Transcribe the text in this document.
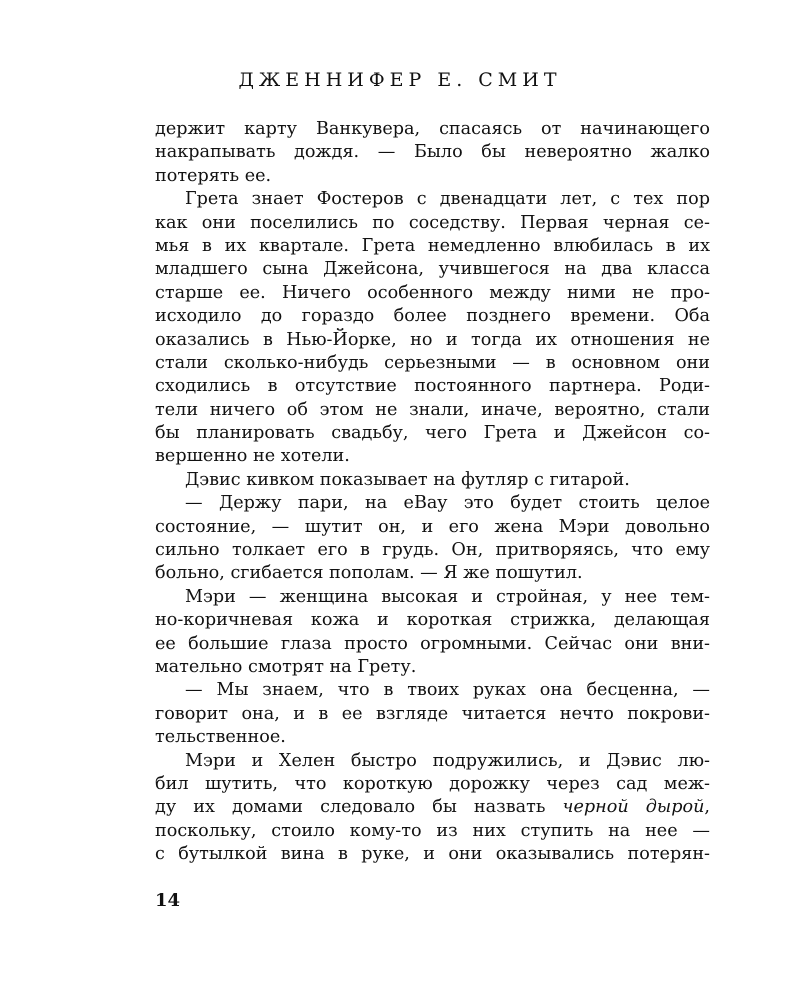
ДЖЕННИФЕР Е. СМИТ
держит карту Ванкувера, спасаясь от начинающего
накрапывать дождя. — Было бы невероятно жалко
потерять ее.
Грета знает Фостеров с двенадцати лет, с тех пор
как они поселились по соседству. Первая черная се-
мья в их квартале. Грета немедленно влюбилась в их
младшего сына Джейсона, учившегося на два класса
старше ее. Ничего особенного между ними не про-
исходило до гораздо более позднего времени. Оба
оказались в Нью-Йорке, но и тогда их отношения не
стали сколько-нибудь серьезными — в основном они
сходились в отсутствие постоянного партнера. Роди-
тели ничего об этом не знали, иначе, вероятно, стали
бы планировать свадьбу, чего Грета и Джейсон со-
вершенно не хотели.
Дэвис кивком показывает на футляр с гитарой.
— Держу пари, на eBay это будет стоить целое
состояние, — шутит он, и его жена Мэри довольно
сильно толкает его в грудь. Он, притворяясь, что ему
больно, сгибается пополам. — Я же пошутил.
Мэри — женщина высокая и стройная, у нее тем-
но-коричневая кожа и короткая стрижка, делающая
ее большие глаза просто огромными. Сейчас они вни-
мательно смотрят на Грету.
— Мы знаем, что в твоих руках она бесценна, —
говорит она, и в ее взгляде читается нечто покрови-
тельственное.
Мэри и Хелен быстро подружились, и Дэвис лю-
бил шутить, что короткую дорожку через сад меж-
ду их домами следовало бы назвать черной дырой,
поскольку, стоило кому-то из них ступить на нее —
с бутылкой вина в руке, и они оказывались потерян-
14
